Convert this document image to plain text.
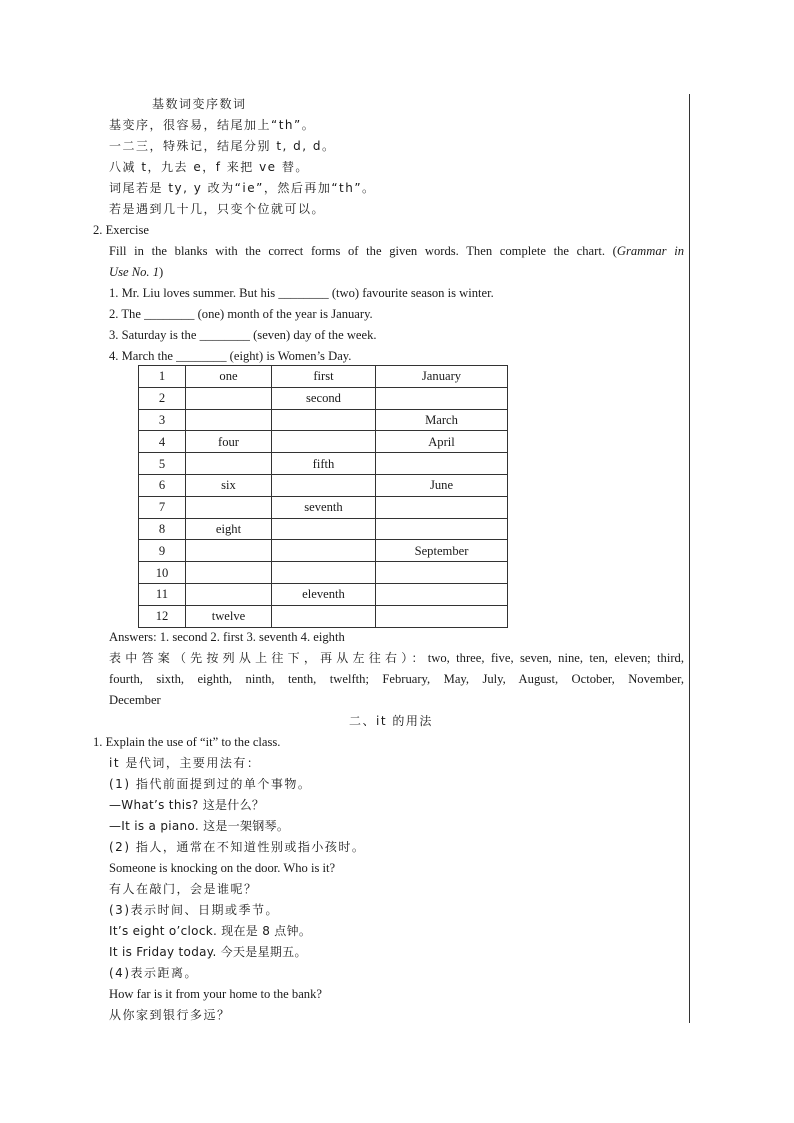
基数词变序数词
基变序，很容易，结尾加上“th”。
一二三，特殊记，结尾分别 t, d, d。
八减 t，九去 e，f 来把 ve 替。
词尾若是 ty, y 改为“ie”，然后再加“th”。
若是遇到几十几，只变个位就可以。
2. Exercise
Fill in the blanks with the correct forms of the given words. Then complete the chart. (Grammar in
Use No. 1)
1. Mr. Liu loves summer. But his ________ (two) favourite season is winter.
2. The ________ (one) month of the year is January.
3. Saturday is the ________ (seven) day of the week.
4. March the ________ (eight) is Women’s Day.
1	one	first	January
2		second	
3			March
4	four		April
5		fifth	
6	six		June
7		seventh	
8	eight		
9			September
10			
11		eleventh	
12	twelve		
Answers: 1. second 2. first 3. seventh 4. eighth
表中答案（先按列从上往下，再从左往右）：two, three, five, seven, nine, ten, eleven; third,
fourth, sixth, eighth, ninth, tenth, twelfth; February, May, July, August, October, November,
December
二、it 的用法
1. Explain the use of “it” to the class.
it 是代词，主要用法有：
(1) 指代前面提到过的单个事物。
—What’s this? 这是什么？
—It is a piano. 这是一架钢琴。
(2) 指人，通常在不知道性别或指小孩时。
Someone is knocking on the door. Who is it?
有人在敲门，会是谁呢？
(3)表示时间、日期或季节。
It’s eight o’clock. 现在是 8 点钟。
It is Friday today. 今天是星期五。
(4)表示距离。
How far is it from your home to the bank?
从你家到银行多远？
